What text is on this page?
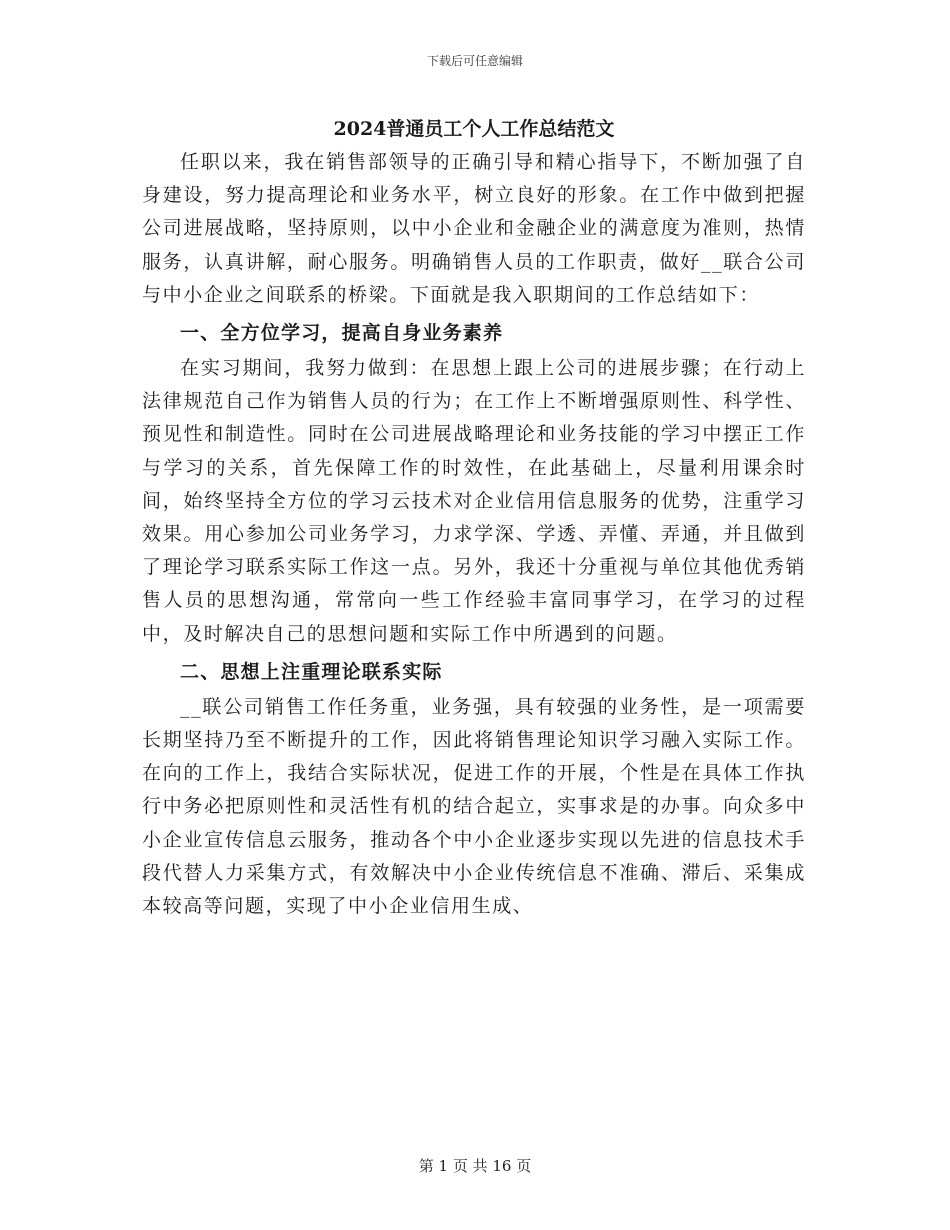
下载后可任意编辑
2024普通员工个人工作总结范文

任职以来，我在销售部领导的正确引导和精心指导下，不断加强了自身建设，努力提高理论和业务水平，树立良好的形象。在工作中做到把握公司进展战略，坚持原则，以中小企业和金融企业的满意度为准则，热情服务，认真讲解，耐心服务。明确销售人员的工作职责，做好__联合公司与中小企业之间联系的桥梁。下面就是我入职期间的工作总结如下：

一、全方位学习，提高自身业务素养

在实习期间，我努力做到：在思想上跟上公司的进展步骤；在行动上法律规范自己作为销售人员的行为；在工作上不断增强原则性、科学性、预见性和制造性。同时在公司进展战略理论和业务技能的学习中摆正工作与学习的关系，首先保障工作的时效性，在此基础上，尽量利用课余时间，始终坚持全方位的学习云技术对企业信用信息服务的优势，注重学习效果。用心参加公司业务学习，力求学深、学透、弄懂、弄通，并且做到了理论学习联系实际工作这一点。另外，我还十分重视与单位其他优秀销售人员的思想沟通，常常向一些工作经验丰富同事学习，在学习的过程中，及时解决自己的思想问题和实际工作中所遇到的问题。

二、思想上注重理论联系实际

__联公司销售工作任务重，业务强，具有较强的业务性，是一项需要长期坚持乃至不断提升的工作，因此将销售理论知识学习融入实际工作。在向的工作上，我结合实际状况，促进工作的开展，个性是在具体工作执行中务必把原则性和灵活性有机的结合起立，实事求是的办事。向众多中小企业宣传信息云服务，推动各个中小企业逐步实现以先进的信息技术手段代替人力采集方式，有效解决中小企业传统信息不准确、滞后、采集成本较高等问题，实现了中小企业信用生成、

第 1 页 共 16 页
